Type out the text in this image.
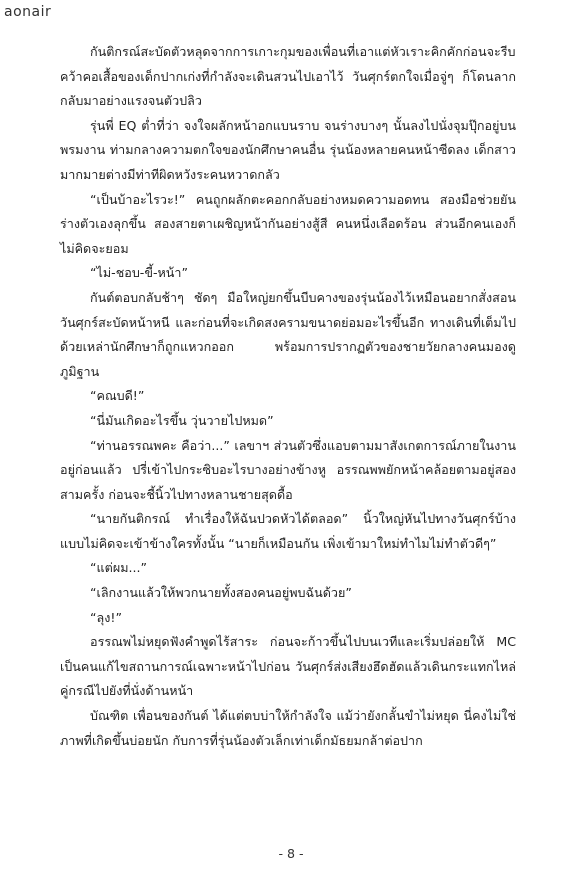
aonair

กันติกรณ์สะบัดตัวหลุดจากการเกาะกุมของเพื่อนที่เอาแต่หัวเราะคิกคักก่อนจะรีบคว้าคอเสื้อของเด็กปากเก่งที่กำลังจะเดินสวนไปเอาไว้ วันศุกร์ตกใจเมื่อจู่ๆ ก็โดนลากกลับมาอย่างแรงจนตัวปลิว

รุ่นพี่ EQ ต่ำที่ว่า จงใจผลักหน้าอกแบนราบ จนร่างบางๆ นั้นลงไปนั่งจุมปุ๊กอยู่บนพรมงาน ท่ามกลางความตกใจของนักศึกษาคนอื่น รุ่นน้องหลายคนหน้าซีดลง เด็กสาวมากมายต่างมีท่าทีผิดหวังระคนหวาดกลัว

“เป็นบ้าอะไรวะ!” คนถูกผลักตะคอกกลับอย่างหมดความอดทน สองมือช่วยยันร่างตัวเองลุกขึ้น สองสายตาเผชิญหน้ากันอย่างสู้สี คนหนึ่งเลือดร้อน ส่วนอีกคนเองก็ไม่คิดจะยอม

“ไม่-ชอบ-ขี้-หน้า”

กันต์ตอบกลับช้าๆ ชัดๆ มือใหญ่ยกขึ้นบีบคางของรุ่นน้องไว้เหมือนอยากสั่งสอน วันศุกร์สะบัดหน้าหนี และก่อนที่จะเกิดสงครามขนาดย่อมอะไรขึ้นอีก ทางเดินที่เต็มไปด้วยเหล่านักศึกษาก็ถูกแหวกออก พร้อมการปรากฏตัวของชายวัยกลางคนมองดูภูมิฐาน

“คณบดี!”

“นี่มันเกิดอะไรขึ้น วุ่นวายไปหมด”

“ท่านอรรณพคะ คือว่า...” เลขาฯ ส่วนตัวซึ่งแอบตามมาสังเกตการณ์ภายในงานอยู่ก่อนแล้ว ปรี่เข้าไปกระซิบอะไรบางอย่างข้างหู อรรณพพยักหน้าคล้อยตามอยู่สองสามครั้ง ก่อนจะชี้นิ้วไปทางหลานชายสุดดื้อ

“นายกันติกรณ์ ทำเรื่องให้ฉันปวดหัวได้ตลอด” นิ้วใหญ่หันไปทางวันศุกร์บ้างแบบไม่คิดจะเข้าข้างใครทั้งนั้น “นายก็เหมือนกัน เพิ่งเข้ามาใหม่ทำไมไม่ทำตัวดีๆ”

“แต่ผม...”

“เลิกงานแล้วให้พวกนายทั้งสองคนอยู่พบฉันด้วย”

“ลุง!”

อรรณพไม่หยุดฟังคำพูดไร้สาระ ก่อนจะก้าวขึ้นไปบนเวทีและเริ่มปล่อยให้ MC เป็นคนแก้ไขสถานการณ์เฉพาะหน้าไปก่อน วันศุกร์ส่งเสียงฮึดฮัดแล้วเดินกระแทกไหล่คู่กรณีไปยังที่นั่งด้านหน้า

บัณฑิต เพื่อนของกันต์ ได้แต่ตบบ่าให้กำลังใจ แม้ว่ายังกลั้นขำไม่หยุด นี่คงไม่ใช่ภาพที่เกิดขึ้นบ่อยนัก กับการที่รุ่นน้องตัวเล็กเท่าเด็กมัธยมกล้าต่อปาก

- 8 -
